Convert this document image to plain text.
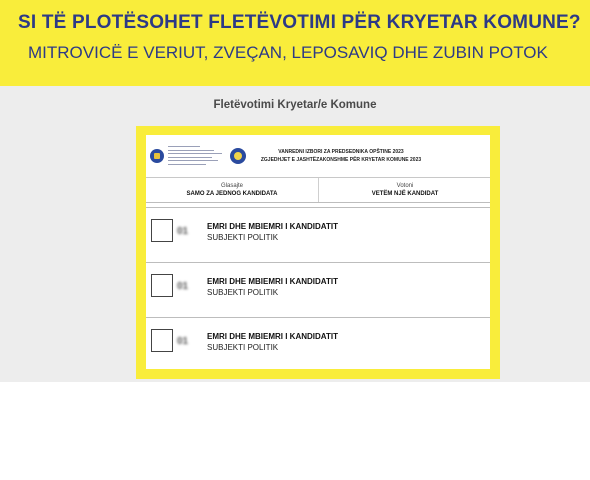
SI TË PLOTËSOHET FLETËVOTIMI PËR KRYETAR KOMUNE?
MITROVICË E VERIUT, ZVEÇAN, LEPOSAVIQ DHE ZUBIN POTOK
Fletëvotimi Kryetar/e Komune
VANREDNI IZBORI ZA PREDSEDNIKA OPŠTINE 2023
ZGJEDHJET E JASHTËZAKONSHME PËR KRYETAR KOMUNE 2023
Glasajte
SAMO ZA JEDNOG KANDIDATA
Votoni
VETËM NJË KANDIDAT
01 EMRI DHE MBIEMRI I KANDIDATIT
SUBJEKTI POLITIK
01 EMRI DHE MBIEMRI I KANDIDATIT
SUBJEKTI POLITIK
01 EMRI DHE MBIEMRI I KANDIDATIT
SUBJEKTI POLITIK
